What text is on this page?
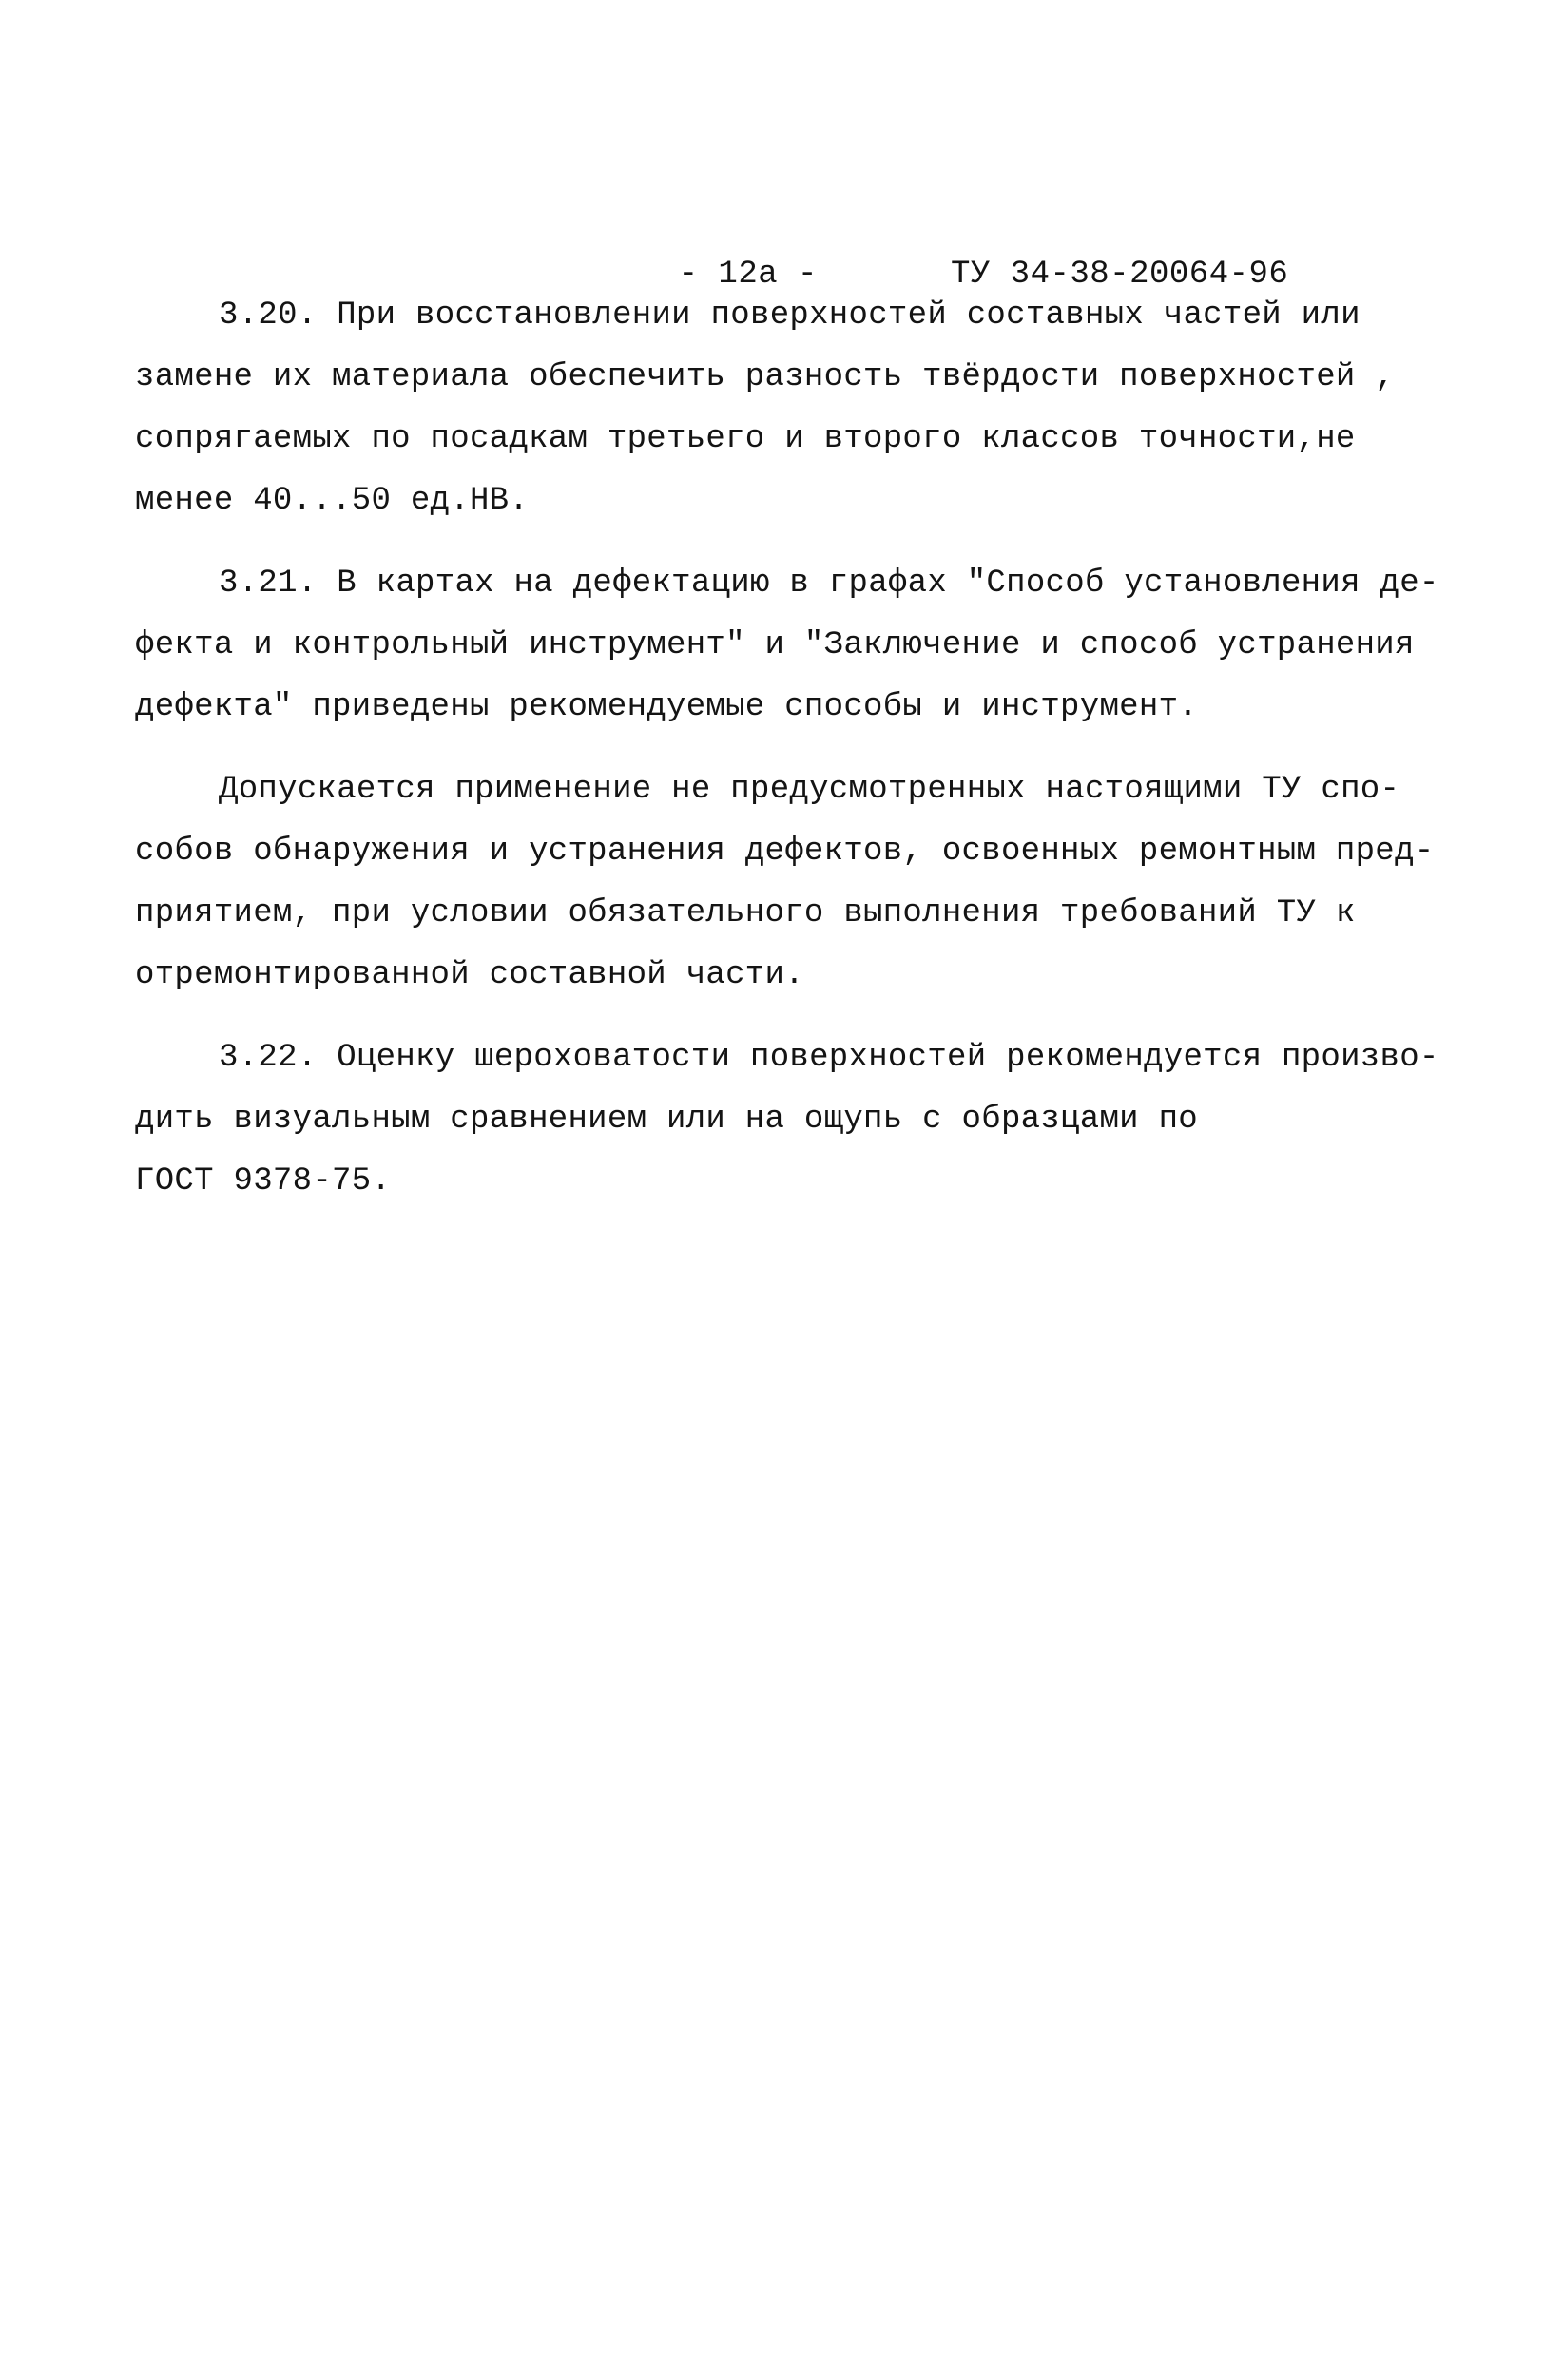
- 12а -	ТУ 34-38-20064-96

3.20. При восстановлении поверхностей составных частей или
замене их материала обеспечить разность твёрдости поверхностей ,
сопрягаемых по посадкам третьего и второго классов точности,не
менее 40...50 ед.НВ.
3.21. В картах на дефектацию в графах "Способ установления де-
фекта и контрольный инструмент" и "Заключение и способ устранения
дефекта" приведены рекомендуемые способы и инструмент.
Допускается применение не предусмотренных настоящими ТУ спо-
собов обнаружения и устранения дефектов, освоенных ремонтным пред-
приятием, при условии обязательного выполнения требований ТУ к
отремонтированной составной части.
3.22. Оценку шероховатости поверхностей рекомендуется произво-
дить визуальным сравнением или на ощупь с образцами по
ГОСТ 9378-75.
